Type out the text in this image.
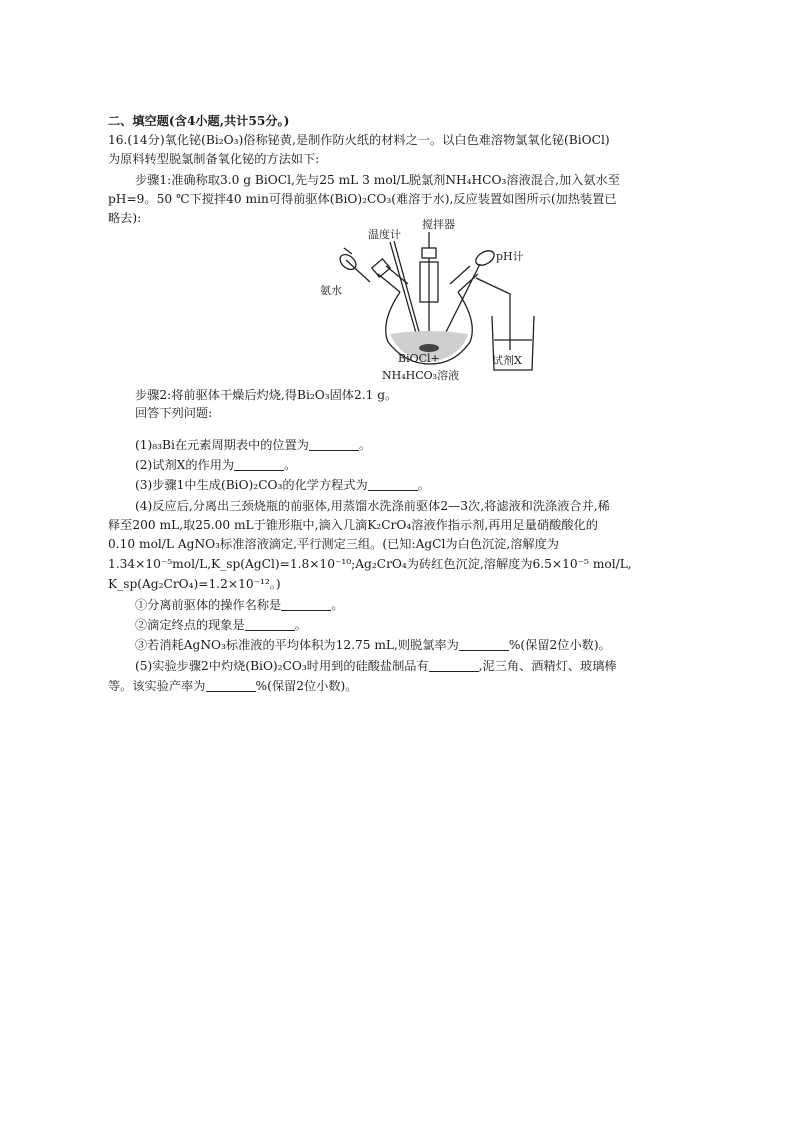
二、填空题(含4小题,共计55分。)
16.(14分)氧化铋(Bi₂O₃)俗称铋黄,是制作防火纸的材料之一。以白色难溶物氯氧化铋(BiOCl)
为原料转型脱氯制备氧化铋的方法如下:
步骤1:准确称取3.0 g BiOCl,先与25 mL 3 mol/L脱氯剂NH₄HCO₃溶液混合,加入氨水至
pH=9。50 ℃下搅拌40 min可得前驱体(BiO)₂CO₃(难溶于水),反应装置如图所示(加热装置已
略去):
温度计
搅拌器
pH计
氨水
BiOCl+
NH₄HCO₃溶液
试剂X
步骤2:将前驱体干燥后灼烧,得Bi₂O₃固体2.1 g。
回答下列问题:
(1)₈₃Bi在元素周期表中的位置为	。
(2)试剂X的作用为	。
(3)步骤1中生成(BiO)₂CO₃的化学方程式为	。
(4)反应后,分离出三颈烧瓶的前驱体,用蒸馏水洗涤前驱体2—3次,将滤液和洗涤液合并,稀
释至200 mL,取25.00 mL于锥形瓶中,滴入几滴K₂CrO₄溶液作指示剂,再用足量硝酸酸化的
0.10 mol/L AgNO₃标准溶液滴定,平行测定三组。(已知:AgCl为白色沉淀,溶解度为
1.34×10⁻⁵mol/L,K_sp(AgCl)=1.8×10⁻¹⁰;Ag₂CrO₄为砖红色沉淀,溶解度为6.5×10⁻⁵ mol/L,
K_sp(Ag₂CrO₄)=1.2×10⁻¹²。)
①分离前驱体的操作名称是	。
②滴定终点的现象是	。
③若消耗AgNO₃标准液的平均体积为12.75 mL,则脱氯率为	%(保留2位小数)。
(5)实验步骤2中灼烧(BiO)₂CO₃时用到的硅酸盐制品有	,泥三角、酒精灯、玻璃棒
等。该实验产率为	%(保留2位小数)。
